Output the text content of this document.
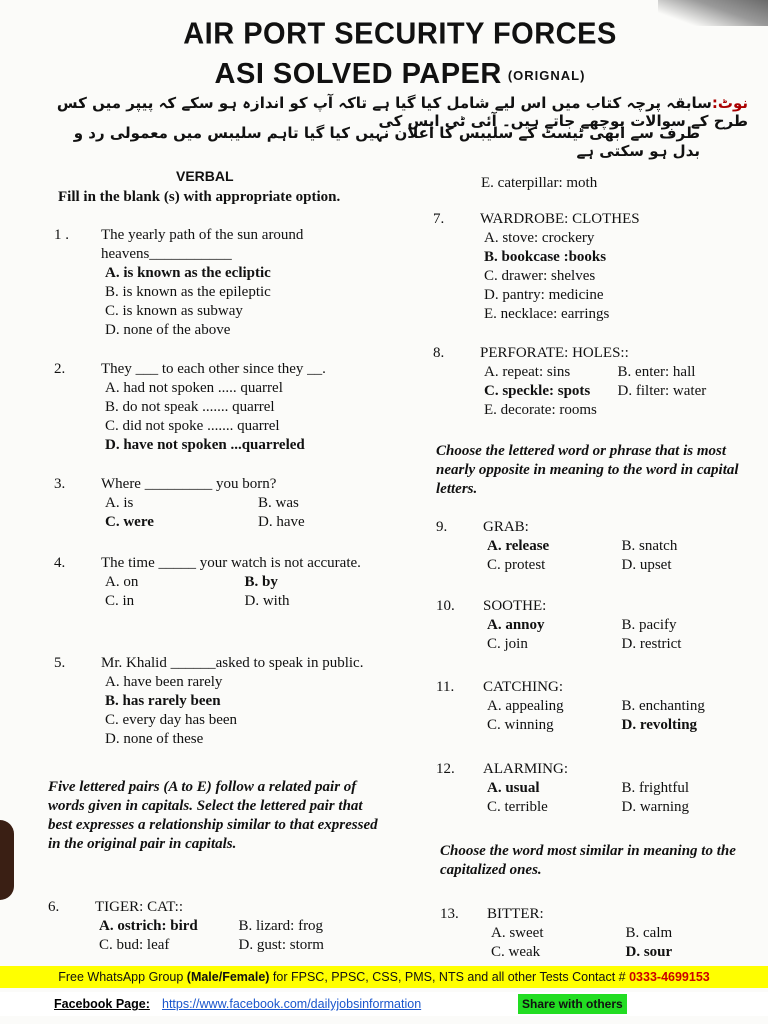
AIR PORT SECURITY FORCES
ASI SOLVED PAPER (ORIGNAL)
نوٹ:سابقہ پرچہ کتاب میں اس لیے شامل کیا گیا ہے تاکہ آپ کو اندازہ ہو سکے کہ پیپر میں کس طرح کے سوالات پوچھے جاتے ہیں۔ آئی ٹی ایس کی
طرف سے ابھی ٹیسٹ کے سلیبس کا اعلان نہیں کیا گیا تاہم سلیبس میں معمولی رد و بدل ہو سکتی ہے
VERBAL
Fill in the blank (s) with appropriate option.
1 .	The yearly path of the sun around heavens___________
A. is known as the ecliptic
B. is known as the epileptic
C. is known as subway
D. none of the above
2.	They ___ to each other since they __.
A. had not spoken ..... quarrel
B. do not speak ....... quarrel
C. did not spoke ....... quarrel
D. have not spoken ...quarreled
3.	Where _________ you born?
A. is	B. was
C. were	D. have
4.	The time _____ your watch is not accurate.
A. on	B. by
C. in	D. with
5.	Mr. Khalid ______asked to speak in public.
A. have been rarely
B. has rarely been
C. every day has been
D. none of these
Five lettered pairs (A to E) follow a related pair of words given in capitals. Select the lettered pair that best expresses a relationship similar to that expressed in the original pair in capitals.
6.	TIGER: CAT::
A. ostrich: bird	B. lizard: frog
C. bud: leaf	D. gust: storm
E. caterpillar: moth
7.	WARDROBE: CLOTHES
A. stove: crockery
B. bookcase :books
C. drawer: shelves
D. pantry: medicine
E. necklace: earrings
8.	PERFORATE: HOLES::
A. repeat: sins	B. enter: hall
C. speckle: spots	D. filter: water
E. decorate: rooms
Choose the lettered word or phrase that is most nearly opposite in meaning to the word in capital letters.
9.	GRAB:
A. release	B. snatch
C. protest	D. upset
10.	SOOTHE:
A. annoy	B. pacify
C. join	D. restrict
11.	CATCHING:
A. appealing	B. enchanting
C. winning	D. revolting
12.	ALARMING:
A. usual	B. frightful
C. terrible	D. warning
Choose the word most similar in meaning to the capitalized ones.
13.	BITTER:
A. sweet	B. calm
C. weak	D. sour
Free WhatsApp Group (Male/Female) for FPSC, PPSC, CSS, PMS, NTS and all other Tests Contact # 0333-4699153
Facebook Page: https://www.facebook.com/dailyjobsinformation	Share with others
